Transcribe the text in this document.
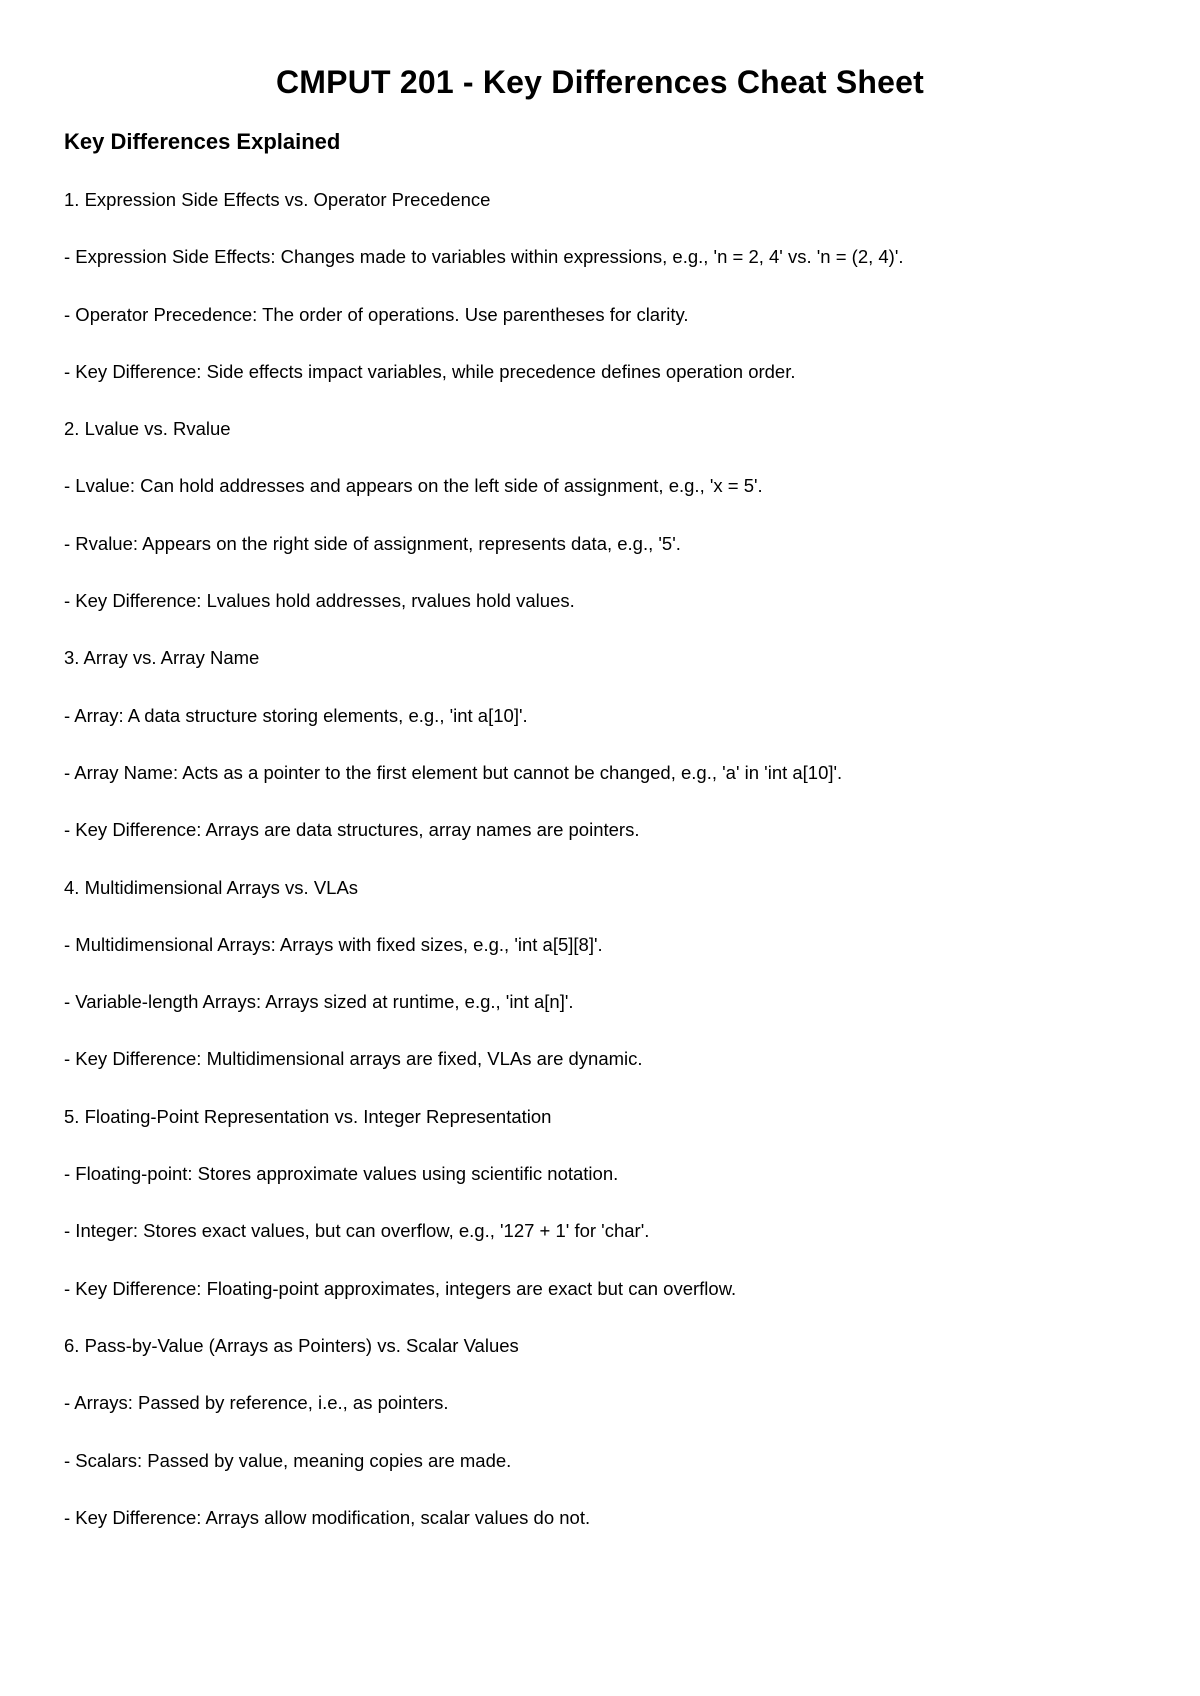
CMPUT 201 - Key Differences Cheat Sheet
Key Differences Explained
1. Expression Side Effects vs. Operator Precedence
- Expression Side Effects: Changes made to variables within expressions, e.g., 'n = 2, 4' vs. 'n = (2, 4)'.
- Operator Precedence: The order of operations. Use parentheses for clarity.
- Key Difference: Side effects impact variables, while precedence defines operation order.
2. Lvalue vs. Rvalue
- Lvalue: Can hold addresses and appears on the left side of assignment, e.g., 'x = 5'.
- Rvalue: Appears on the right side of assignment, represents data, e.g., '5'.
- Key Difference: Lvalues hold addresses, rvalues hold values.
3. Array vs. Array Name
- Array: A data structure storing elements, e.g., 'int a[10]'.
- Array Name: Acts as a pointer to the first element but cannot be changed, e.g., 'a' in 'int a[10]'.
- Key Difference: Arrays are data structures, array names are pointers.
4. Multidimensional Arrays vs. VLAs
- Multidimensional Arrays: Arrays with fixed sizes, e.g., 'int a[5][8]'.
- Variable-length Arrays: Arrays sized at runtime, e.g., 'int a[n]'.
- Key Difference: Multidimensional arrays are fixed, VLAs are dynamic.
5. Floating-Point Representation vs. Integer Representation
- Floating-point: Stores approximate values using scientific notation.
- Integer: Stores exact values, but can overflow, e.g., '127 + 1' for 'char'.
- Key Difference: Floating-point approximates, integers are exact but can overflow.
6. Pass-by-Value (Arrays as Pointers) vs. Scalar Values
- Arrays: Passed by reference, i.e., as pointers.
- Scalars: Passed by value, meaning copies are made.
- Key Difference: Arrays allow modification, scalar values do not.
